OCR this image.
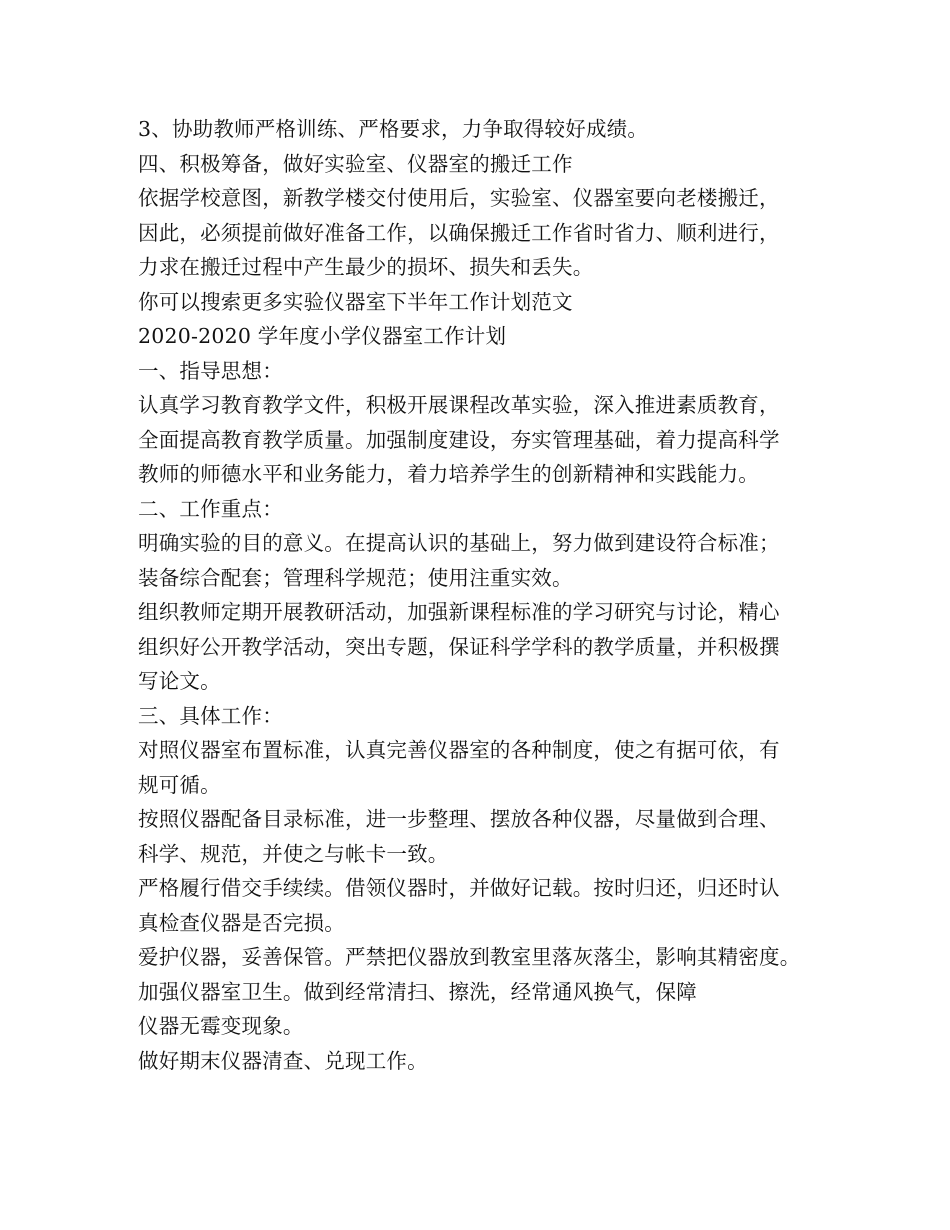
3、协助教师严格训练、严格要求，力争取得较好成绩。
四、积极筹备，做好实验室、仪器室的搬迁工作
依据学校意图，新教学楼交付使用后，实验室、仪器室要向老楼搬迁，
因此，必须提前做好准备工作，以确保搬迁工作省时省力、顺利进行，
力求在搬迁过程中产生最少的损坏、损失和丢失。
你可以搜索更多实验仪器室下半年工作计划范文
2020-2020 学年度小学仪器室工作计划
一、指导思想：
认真学习教育教学文件，积极开展课程改革实验，深入推进素质教育，
全面提高教育教学质量。加强制度建设，夯实管理基础，着力提高科学
教师的师德水平和业务能力，着力培养学生的创新精神和实践能力。
二、工作重点：
明确实验的目的意义。在提高认识的基础上，努力做到建设符合标准；
装备综合配套；管理科学规范；使用注重实效。
组织教师定期开展教研活动，加强新课程标准的学习研究与讨论，精心
组织好公开教学活动，突出专题，保证科学学科的教学质量，并积极撰
写论文。
三、具体工作：
对照仪器室布置标准，认真完善仪器室的各种制度，使之有据可依，有
规可循。
按照仪器配备目录标准，进一步整理、摆放各种仪器，尽量做到合理、
科学、规范，并使之与帐卡一致。
严格履行借交手续续。借领仪器时，并做好记载。按时归还，归还时认
真检查仪器是否完损。
爱护仪器，妥善保管。严禁把仪器放到教室里落灰落尘，影响其精密度。
加强仪器室卫生。做到经常清扫、擦洗，经常通风换气，保障
仪器无霉变现象。
做好期末仪器清查、兑现工作。
